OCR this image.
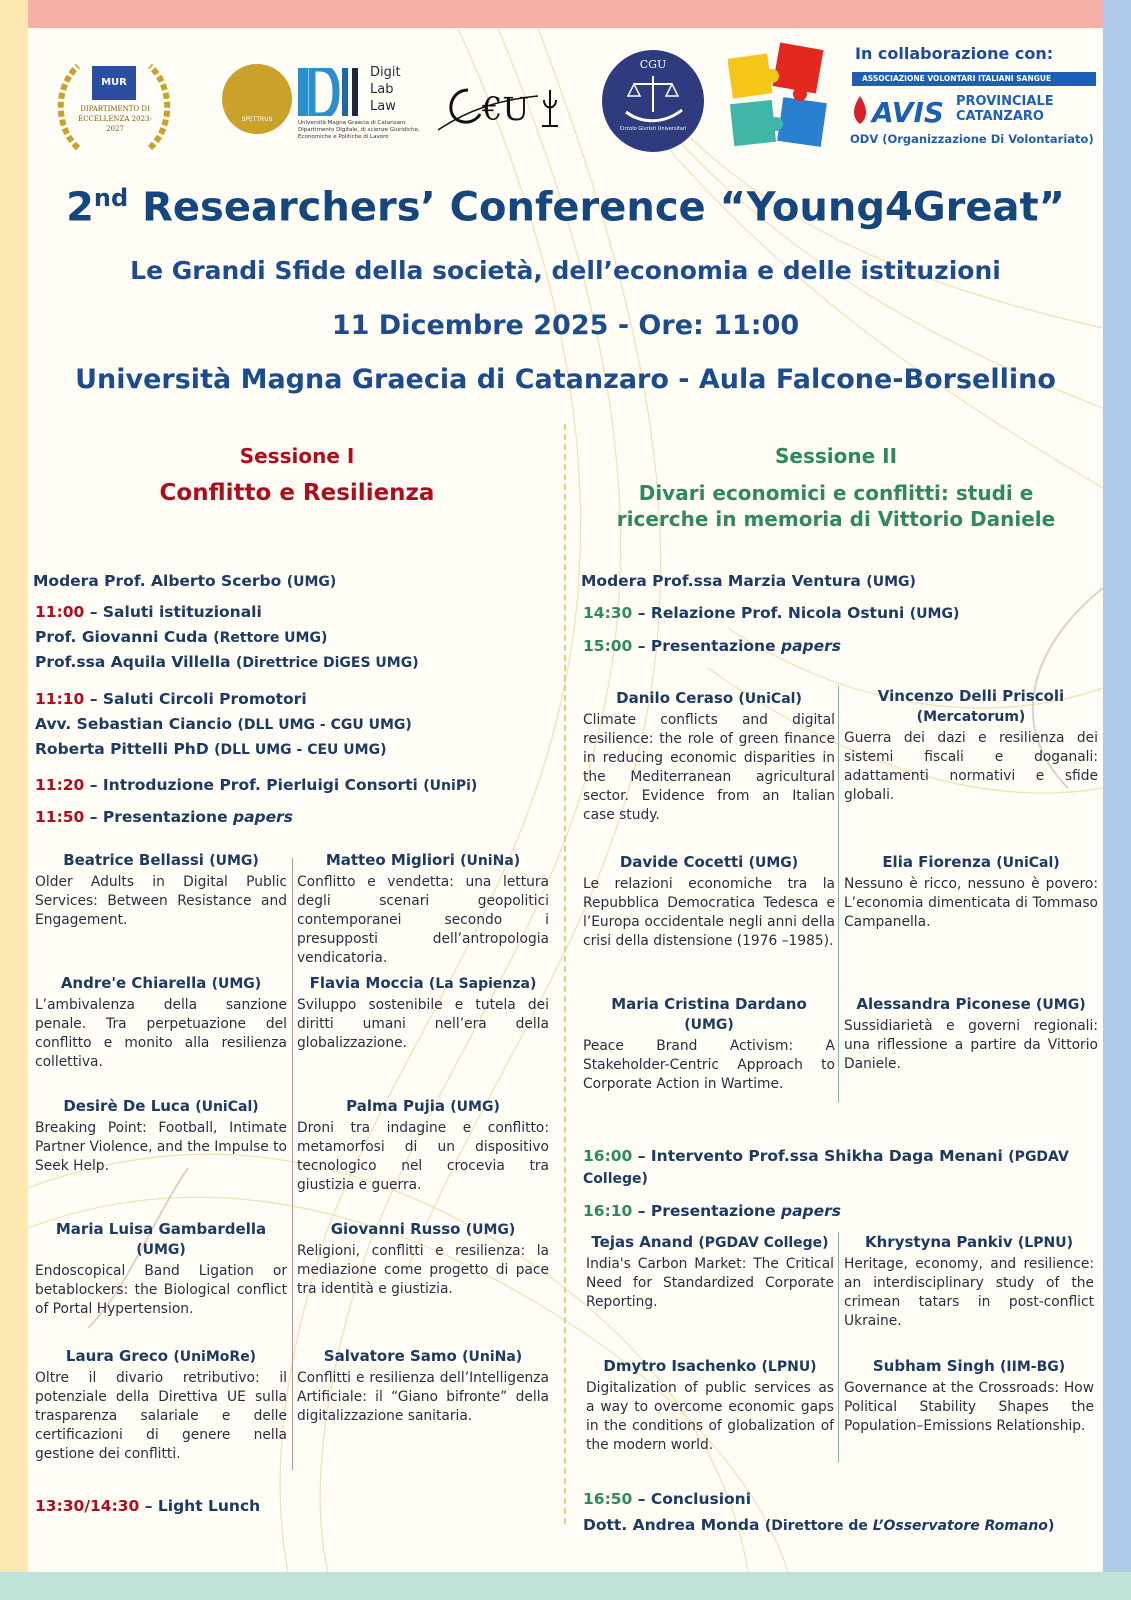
MUR
DIPARTIMENTO DI ECCELLENZA 2023-2027
SPETTRUS
Digit
Lab
Law
Università Magna Graecia di Catanzaro
Dipartimento Digitale, di scienze Giuridiche, Economiche e Politiche di Lavoro
€U
CGU
Circolo Giuristi Universitari
In collaborazione con:
ASSOCIAZIONE VOLONTARI ITALIANI SANGUE
AVIS PROVINCIALE
CATANZARO
ODV (Organizzazione Di Volontariato)
2nd Researchers’ Conference “Young4Great”
Le Grandi Sfide della società, dell’economia e delle istituzioni
11 Dicembre 2025 - Ore: 11:00
Università Magna Graecia di Catanzaro - Aula Falcone-Borsellino
Sessione I
Conflitto e Resilienza
Modera Prof. Alberto Scerbo (UMG)
11:00 – Saluti istituzionali
Prof. Giovanni Cuda (Rettore UMG)
Prof.ssa Aquila Villella (Direttrice DiGES UMG)
11:10 – Saluti Circoli Promotori
Avv. Sebastian Ciancio (DLL UMG - CGU UMG)
Roberta Pittelli PhD (DLL UMG - CEU UMG)
11:20 – Introduzione Prof. Pierluigi Consorti (UniPi)
11:50 – Presentazione papers
Beatrice Bellassi (UMG)
Older Adults in Digital Public Services: Between Resistance and Engagement.
Matteo Migliori (UniNa)
Conflitto e vendetta: una lettura degli scenari geopolitici contemporanei secondo i presupposti dell’antropologia vendicatoria.
Andre'e Chiarella (UMG)
L’ambivalenza della sanzione penale. Tra perpetuazione del conflitto e monito alla resilienza collettiva.
Flavia Moccia (La Sapienza)
Sviluppo sostenibile e tutela dei diritti umani nell’era della globalizzazione.
Desirè De Luca (UniCal)
Breaking Point: Football, Intimate Partner Violence, and the Impulse to Seek Help.
Palma Pujia (UMG)
Droni tra indagine e conflitto: metamorfosi di un dispositivo tecnologico nel crocevia tra giustizia e guerra.
Maria Luisa Gambardella (UMG)
Endoscopical Band Ligation or betablockers: the Biological conflict of Portal Hypertension.
Giovanni Russo (UMG)
Religioni, conflitti e resilienza: la mediazione come progetto di pace tra identità e giustizia.
Laura Greco (UniMoRe)
Oltre il divario retributivo: il potenziale della Direttiva UE sulla trasparenza salariale e delle certificazioni di genere nella gestione dei conflitti.
Salvatore Samo (UniNa)
Conflitti e resilienza dell’Intelligenza Artificiale: il “Giano bifronte” della digitalizzazione sanitaria.
13:30/14:30 – Light Lunch
Sessione II
Divari economici e conflitti: studi e
ricerche in memoria di Vittorio Daniele
Modera Prof.ssa Marzia Ventura (UMG)
14:30 – Relazione Prof. Nicola Ostuni (UMG)
15:00 – Presentazione papers
Danilo Ceraso (UniCal)
Climate conflicts and digital resilience: the role of green finance in reducing economic disparities in the Mediterranean agricultural sector. Evidence from an Italian case study.
Vincenzo Delli Priscoli
(Mercatorum)
Guerra dei dazi e resilienza dei sistemi fiscali e doganali: adattamenti normativi e sfide globali.
Davide Cocetti (UMG)
Le relazioni economiche tra la Repubblica Democratica Tedesca e l’Europa occidentale negli anni della crisi della distensione (1976 –1985).
Elia Fiorenza (UniCal)
Nessuno è ricco, nessuno è povero: L’economia dimenticata di Tommaso Campanella.
Maria Cristina Dardano
(UMG)
Peace Brand Activism: A Stakeholder-Centric Approach to Corporate Action in Wartime.
Alessandra Piconese (UMG)
Sussidiarietà e governi regionali: una riflessione a partire da Vittorio Daniele.
16:00 – Intervento Prof.ssa Shikha Daga Menani (PGDAV College)
16:10 – Presentazione papers
Tejas Anand (PGDAV College)
India's Carbon Market: The Critical Need for Standardized Corporate Reporting.
Khrystyna Pankiv (LPNU)
Heritage, economy, and resilience: an interdisciplinary study of the crimean tatars in post-conflict Ukraine.
Dmytro Isachenko (LPNU)
Digitalization of public services as a way to overcome economic gaps in the conditions of globalization of the modern world.
Subham Singh (IIM-BG)
Governance at the Crossroads: How Political Stability Shapes the Population–Emissions Relationship.
16:50 – Conclusioni
Dott. Andrea Monda (Direttore de L’Osservatore Romano)
